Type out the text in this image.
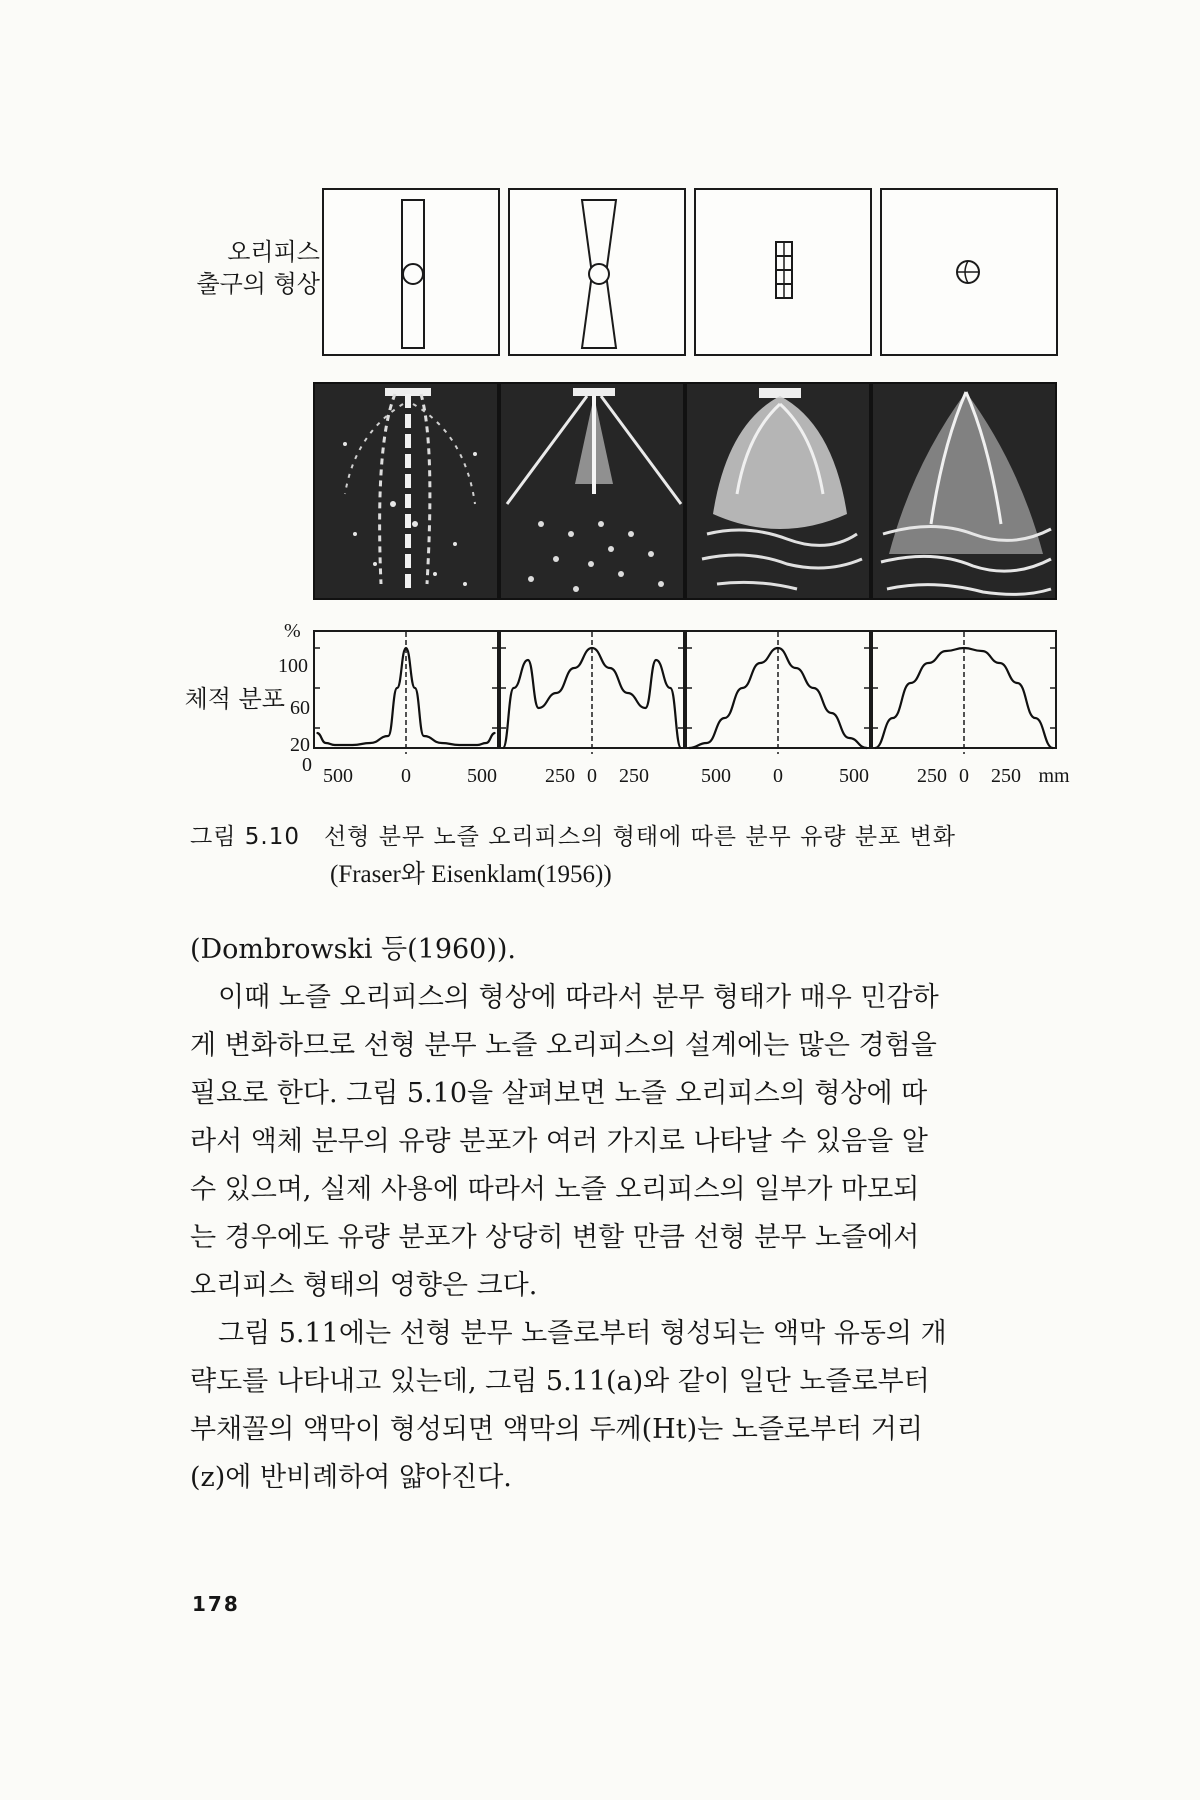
오리피스
출구의 형상
체적 분포
%
100
60
20
0 500	0	500	250 0	250	500	0	500	250 0	250 mm
그림 5.10 선형 분무 노즐 오리피스의 형태에 따른 분무 유량 분포 변화
(Fraser와 Eisenklam(1956))
(Dombrowski 등(1960)).
이때 노즐 오리피스의 형상에 따라서 분무 형태가 매우 민감하
게 변화하므로 선형 분무 노즐 오리피스의 설계에는 많은 경험을
필요로 한다. 그림 5.10을 살펴보면 노즐 오리피스의 형상에 따
라서 액체 분무의 유량 분포가 여러 가지로 나타날 수 있음을 알
수 있으며, 실제 사용에 따라서 노즐 오리피스의 일부가 마모되
는 경우에도 유량 분포가 상당히 변할 만큼 선형 분무 노즐에서
오리피스 형태의 영향은 크다.
그림 5.11에는 선형 분무 노즐로부터 형성되는 액막 유동의 개
략도를 나타내고 있는데, 그림 5.11(a)와 같이 일단 노즐로부터
부채꼴의 액막이 형성되면 액막의 두께(Ht)는 노즐로부터 거리
(z)에 반비례하여 얇아진다.
178
